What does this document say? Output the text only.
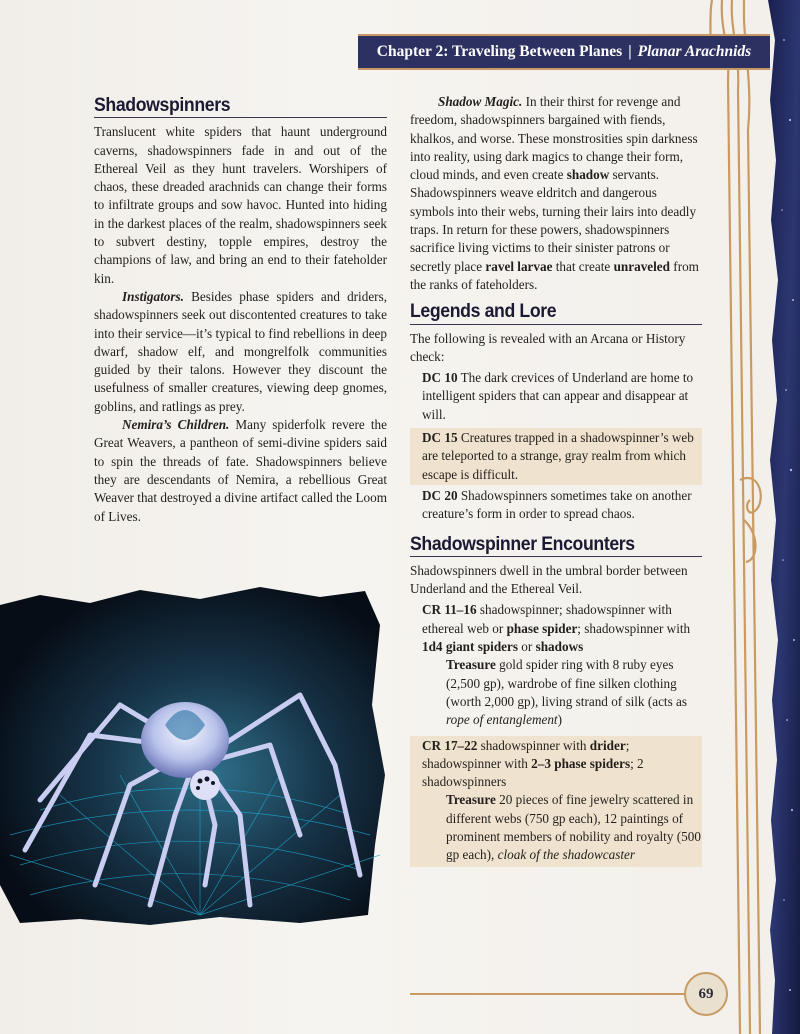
Chapter 2: Traveling Between Planes | Planar Arachnids
Shadowspinners

Translucent white spiders that haunt underground caverns, shadowspinners fade in and out of the Ethereal Veil as they hunt travelers. Worshipers of chaos, these dreaded arachnids can change their forms to infiltrate groups and sow havoc. Hunted into hiding in the darkest places of the realm, shadowspinners seek to subvert destiny, topple empires, destroy the champions of law, and bring an end to their fateholder kin.

Instigators. Besides phase spiders and driders, shadowspinners seek out discontented creatures to take into their service—it’s typical to find rebellions in deep dwarf, shadow elf, and mongrelfolk communities guided by their talons. However they discount the usefulness of smaller creatures, viewing deep gnomes, goblins, and ratlings as prey.

Nemira’s Children. Many spiderfolk revere the Great Weavers, a pantheon of semi-divine spiders said to spin the threads of fate. Shadowspinners believe they are descendants of Nemira, a rebellious Great Weaver that destroyed a divine artifact called the Loom of Lives.

Shadow Magic. In their thirst for revenge and freedom, shadowspinners bargained with fiends, khalkos, and worse. These monstrosities spin darkness into reality, using dark magics to change their form, cloud minds, and even create shadow servants. Shadowspinners weave eldritch and dangerous symbols into their webs, turning their lairs into deadly traps. In return for these powers, shadowspinners sacrifice living victims to their sinister patrons or secretly place ravel larvae that create unraveled from the ranks of fateholders.

Legends and Lore

The following is revealed with an Arcana or History check:

DC 10 The dark crevices of Underland are home to intelligent spiders that can appear and disappear at will.

DC 15 Creatures trapped in a shadowspinner’s web are teleported to a strange, gray realm from which escape is difficult.

DC 20 Shadowspinners sometimes take on another creature’s form in order to spread chaos.

Shadowspinner Encounters

Shadowspinners dwell in the umbral border between Underland and the Ethereal Veil.

CR 11–16 shadowspinner; shadowspinner with ethereal web or phase spider; shadowspinner with 1d4 giant spiders or shadows

Treasure gold spider ring with 8 ruby eyes (2,500 gp), wardrobe of fine silken clothing (worth 2,000 gp), living strand of silk (acts as rope of entanglement)

CR 17–22 shadowspinner with drider; shadowspinner with 2–3 phase spiders; 2 shadowspinners

Treasure 20 pieces of fine jewelry scattered in different webs (750 gp each), 12 paintings of prominent members of nobility and royalty (500 gp each), cloak of the shadowcaster

69
